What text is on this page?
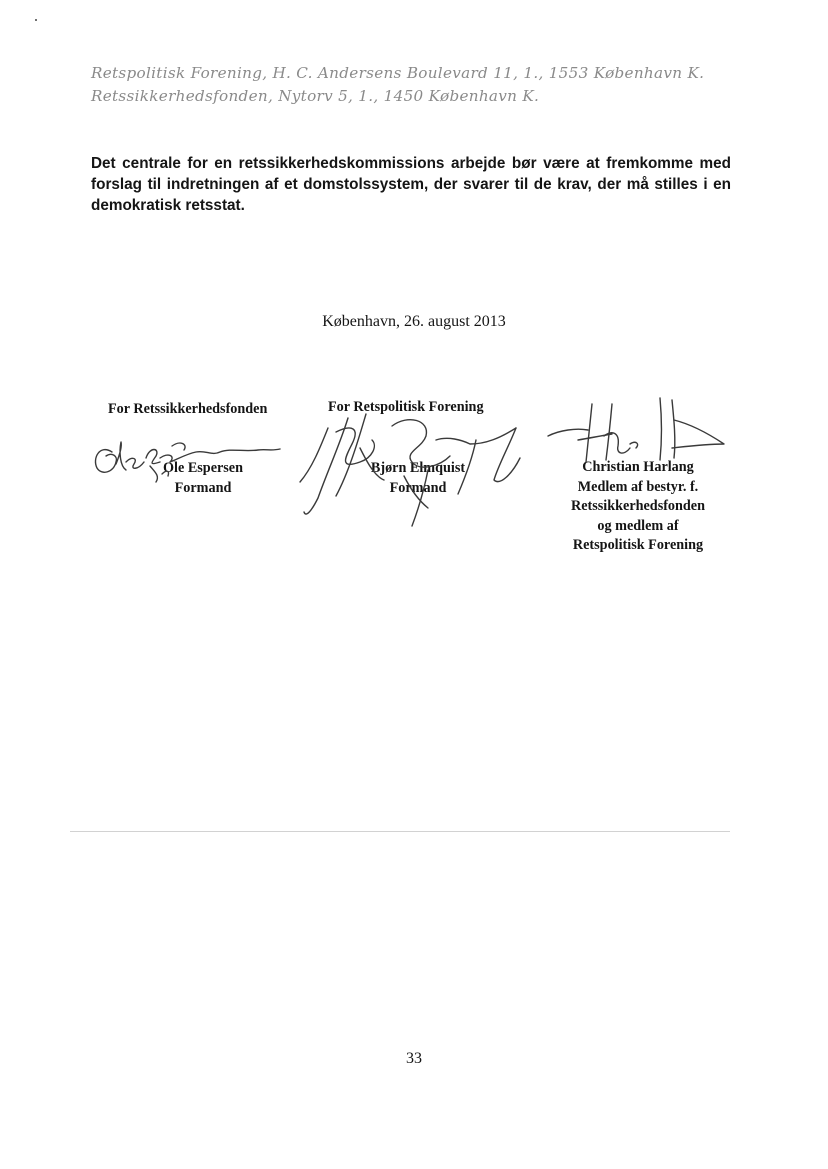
Retspolitisk Forening, H. C. Andersens Boulevard 11, 1., 1553 København K.
Retssikkerhedsfonden, Nytorv 5, 1., 1450 København K.
Det centrale for en retssikkerhedskommissions arbejde bør være at fremkomme med forslag til indretningen af et domstolssystem, der svarer til de krav, der må stilles i en demokratisk retsstat.
København, 26. august 2013
For Retssikkerhedsfonden
Ole Espersen
Formand
For Retspolitisk Forening
Bjørn Elmquist
Formand
Christian Harlang
Medlem af bestyr. f.
Retssikkerhedsfonden
og medlem af
Retspolitisk Forening
33
